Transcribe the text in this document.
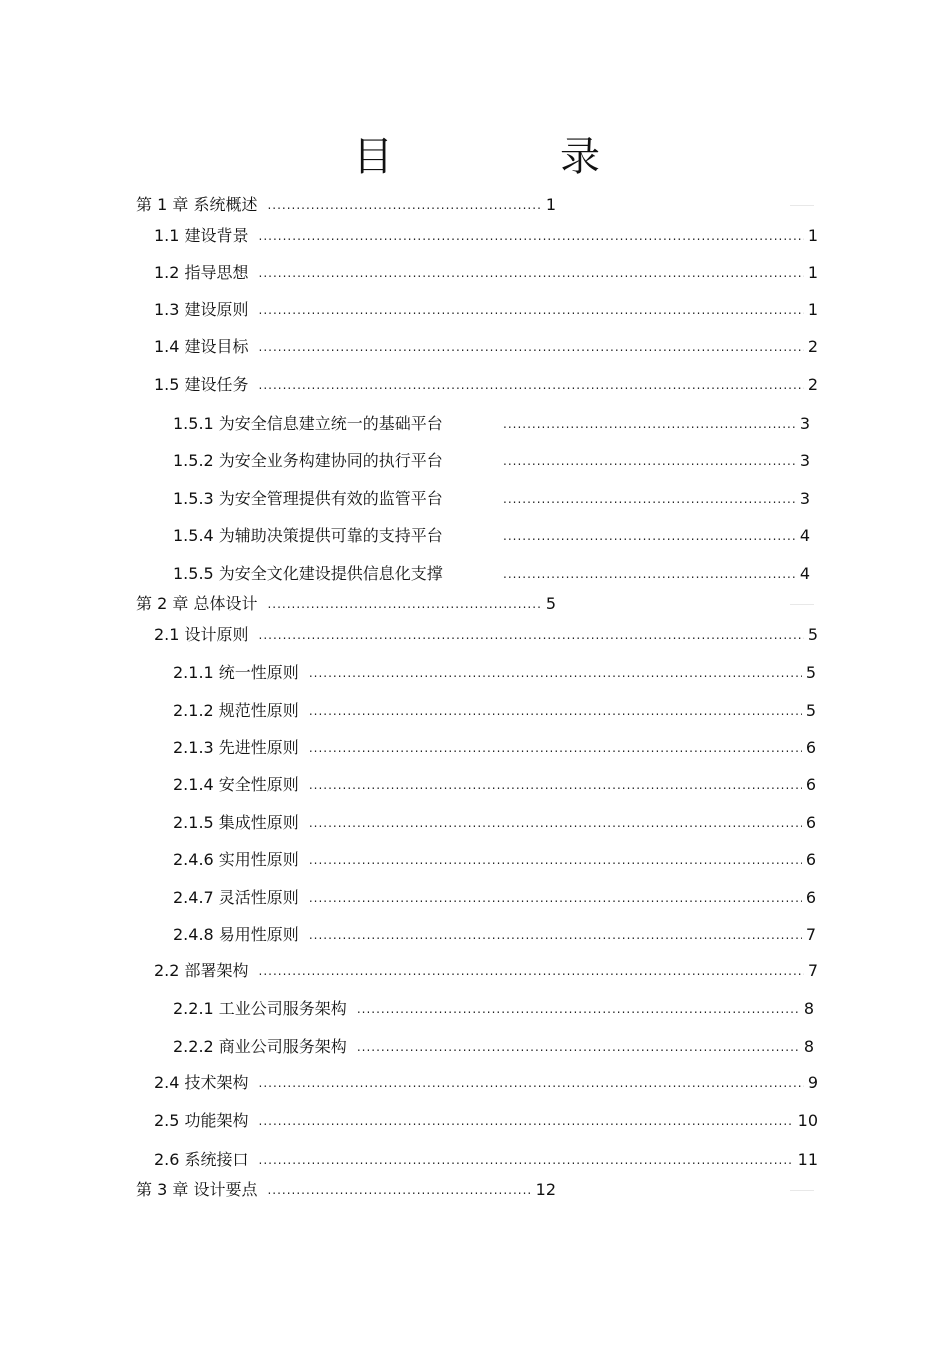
目	录
第 1 章 系统概述 .....	1
1.1 建设背景 .....	1
1.2 指导思想 .....	1
1.3 建设原则 .....	1
1.4 建设目标 .....	2
1.5 建设任务 .....	2
1.5.1 为安全信息建立统一的基础平台 .....	3
1.5.2 为安全业务构建协同的执行平台 .....	3
1.5.3 为安全管理提供有效的监管平台 .....	3
1.5.4 为辅助决策提供可靠的支持平台 .....	4
1.5.5 为安全文化建设提供信息化支撑 .....	4
第 2 章 总体设计 .....	5
2.1 设计原则 .....	5
2.1.1 统一性原则 .....	5
2.1.2 规范性原则 .....	5
2.1.3 先进性原则 .....	6
2.1.4 安全性原则 .....	6
2.1.5 集成性原则 .....	6
2.4.6 实用性原则 .....	6
2.4.7 灵活性原则 .....	6
2.4.8 易用性原则 .....	7
2.2 部署架构 .....	7
2.2.1 工业公司服务架构 .....	8
2.2.2 商业公司服务架构 .....	8
2.4 技术架构 .....	9
2.5 功能架构 .....	10
2.6 系统接口 .....	11
第 3 章 设计要点 .....	12
